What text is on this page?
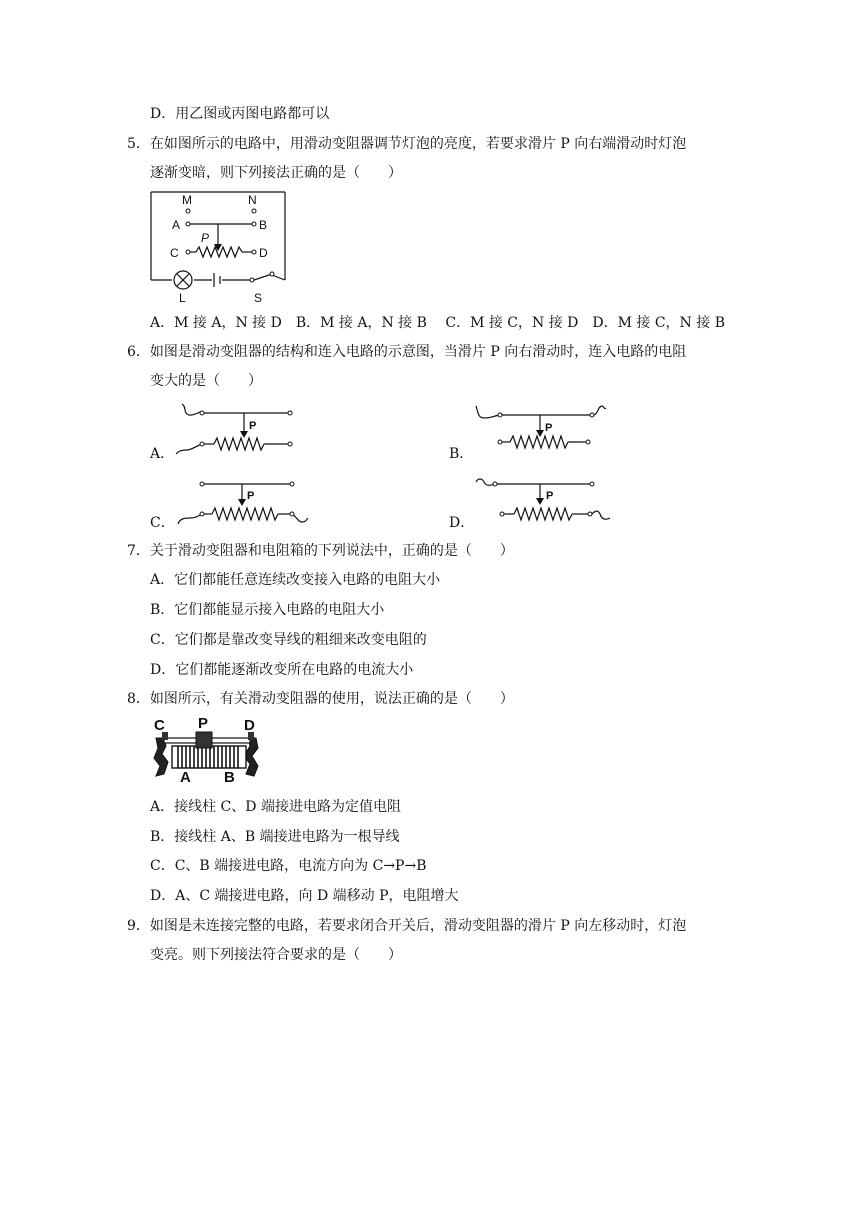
D．用乙图或丙图电路都可以
5．在如图所示的电路中，用滑动变阻器调节灯泡的亮度，若要求滑片 P 向右端滑动时灯泡
逐渐变暗，则下列接法正确的是（　　）
M	N
A	B
C	D
P
L	S
A．M 接 A，N 接 D　B．M 接 A，N 接 B　 C．M 接 C，N 接 D　D．M 接 C，N 接 B
6．如图是滑动变阻器的结构和连入电路的示意图，当滑片 P 向右滑动时，连入电路的电阻
变大的是（　　）
A．
P
B．
P
C．
P
D．
P
7．关于滑动变阻器和电阻箱的下列说法中，正确的是（　　）
A．它们都能任意连续改变接入电路的电阻大小
B．它们都能显示接入电路的电阻大小
C．它们都是靠改变导线的粗细来改变电阻的
D．它们都能逐渐改变所在电路的电流大小
8．如图所示，有关滑动变阻器的使用，说法正确的是（　　）
C P D
A B
A．接线柱 C、D 端接进电路为定值电阻
B．接线柱 A、B 端接进电路为一根导线
C．C、B 端接进电路，电流方向为 C→P→B
D．A、C 端接进电路，向 D 端移动 P，电阻增大
9．如图是未连接完整的电路，若要求闭合开关后，滑动变阻器的滑片 P 向左移动时，灯泡
变亮。则下列接法符合要求的是（　　）
